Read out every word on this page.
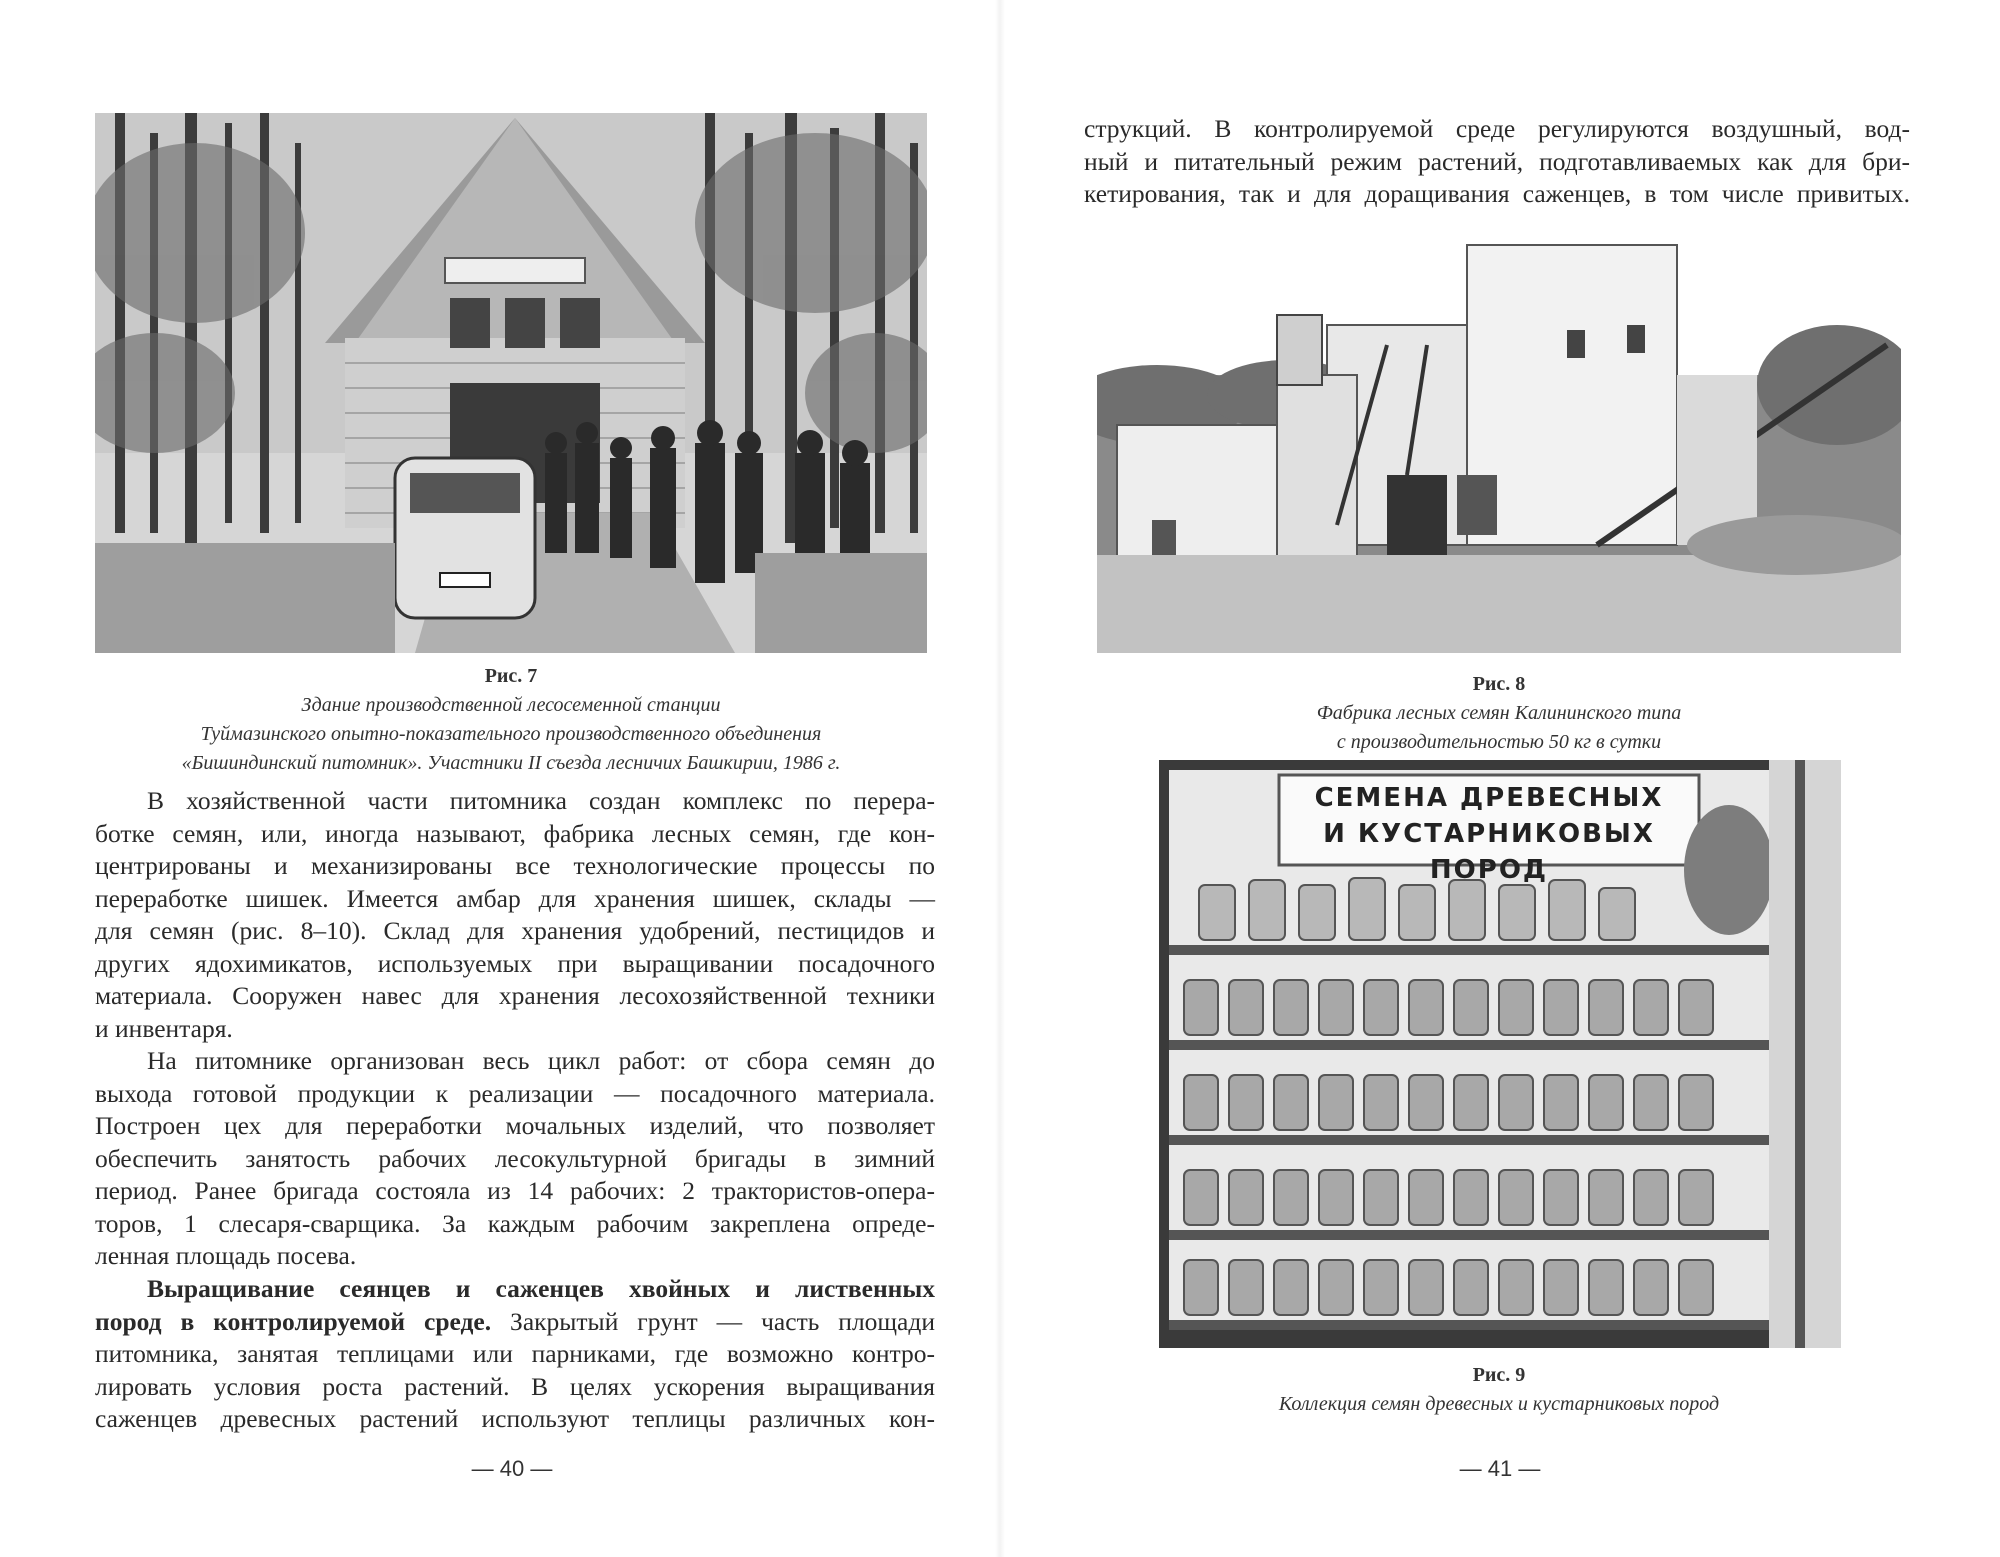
Рис. 7
Здание производственной лесосеменной станции
Туймазинского опытно-показательного производственного объединения
«Бишиндинский питомник». Участники II съезда лесничих Башкирии, 1986 г.
В хозяйственной части питомника создан комплекс по перера-
ботке семян, или, иногда называют, фабрика лесных семян, где кон-
центрированы и механизированы все технологические процессы по
переработке шишек. Имеется амбар для хранения шишек, склады —
для семян (рис. 8–10). Склад для хранения удобрений, пестицидов и
других ядохимикатов, используемых при выращивании посадочного
материала. Сооружен навес для хранения лесохозяйственной техники
и инвентаря.
На питомнике организован весь цикл работ: от сбора семян до
выхода готовой продукции к реализации — посадочного материала.
Построен цех для переработки мочальных изделий, что позволяет
обеспечить занятость рабочих лесокультурной бригады в зимний
период. Ранее бригада состояла из 14 рабочих: 2 трактористов-опера-
торов, 1 слесаря-сварщика. За каждым рабочим закреплена опреде-
ленная площадь посева.
Выращивание сеянцев и саженцев хвойных и лиственных
пород в контролируемой среде. Закрытый грунт — часть площади
питомника, занятая теплицами или парниками, где возможно контро-
лировать условия роста растений. В целях ускорения выращивания
саженцев древесных растений используют теплицы различных кон-
— 40 —
струкций. В контролируемой среде регулируются воздушный, вод-
ный и питательный режим растений, подготавливаемых как для бри-
кетирования, так и для доращивания саженцев, в том числе привитых.
Рис. 8
Фабрика лесных семян Калининского типа
с производительностью 50 кг в сутки
СЕМЕНА ДРЕВЕСНЫХ
И КУСТАРНИКОВЫХ ПОРОД
Рис. 9
Коллекция семян древесных и кустарниковых пород
— 41 —
